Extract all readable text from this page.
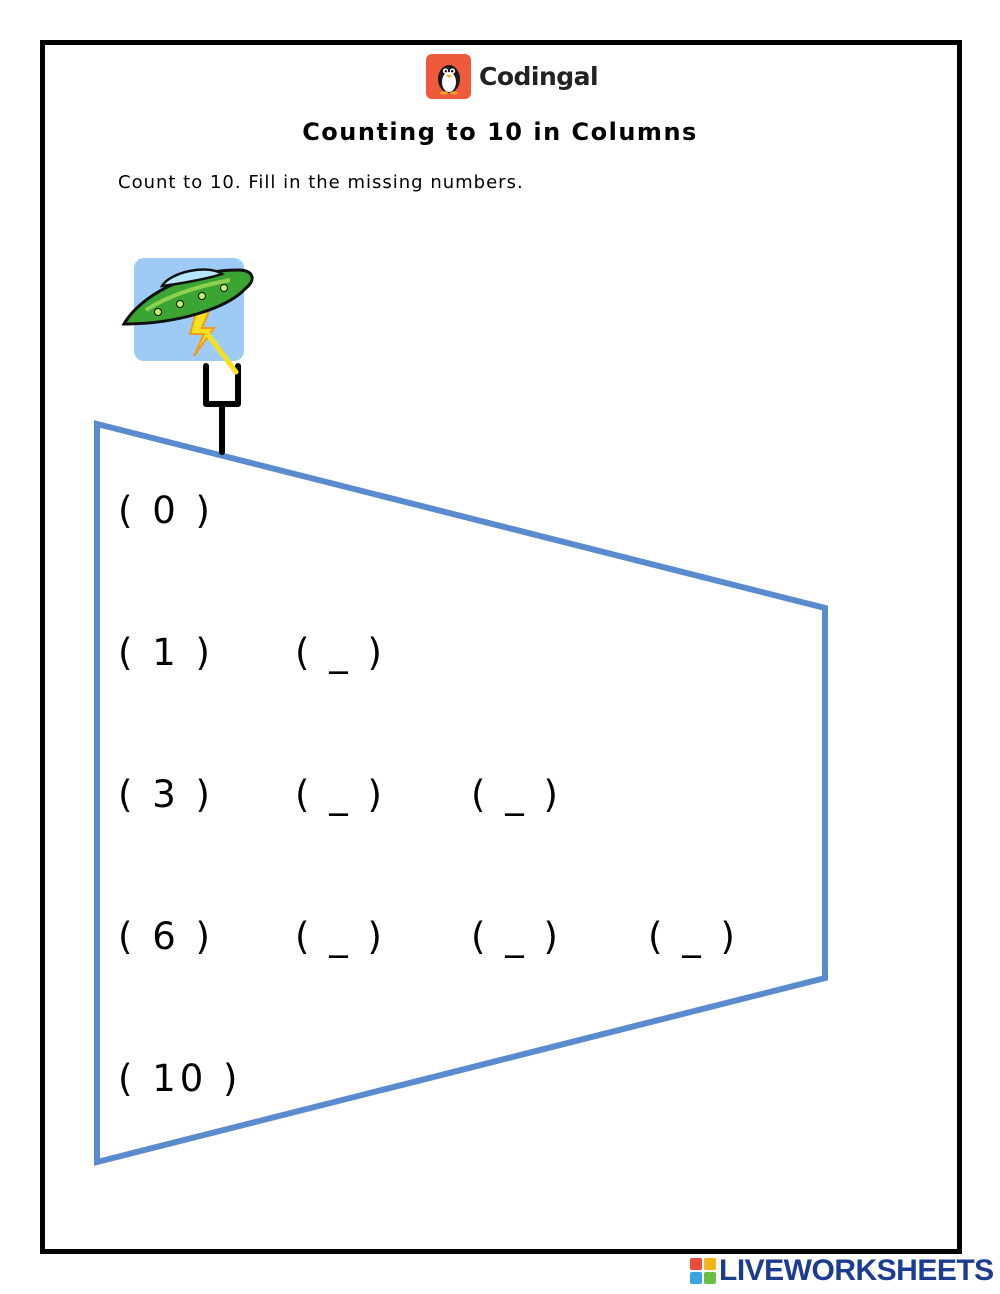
Codingal
Counting to 10 in Columns
Count to 10. Fill in the missing numbers.
( 0 )
( 1 ) ( _ )
( 3 ) ( _ ) ( _ )
( 6 ) ( _ ) ( _ ) ( _ )
( 10 )
LIVEWORKSHEETS
